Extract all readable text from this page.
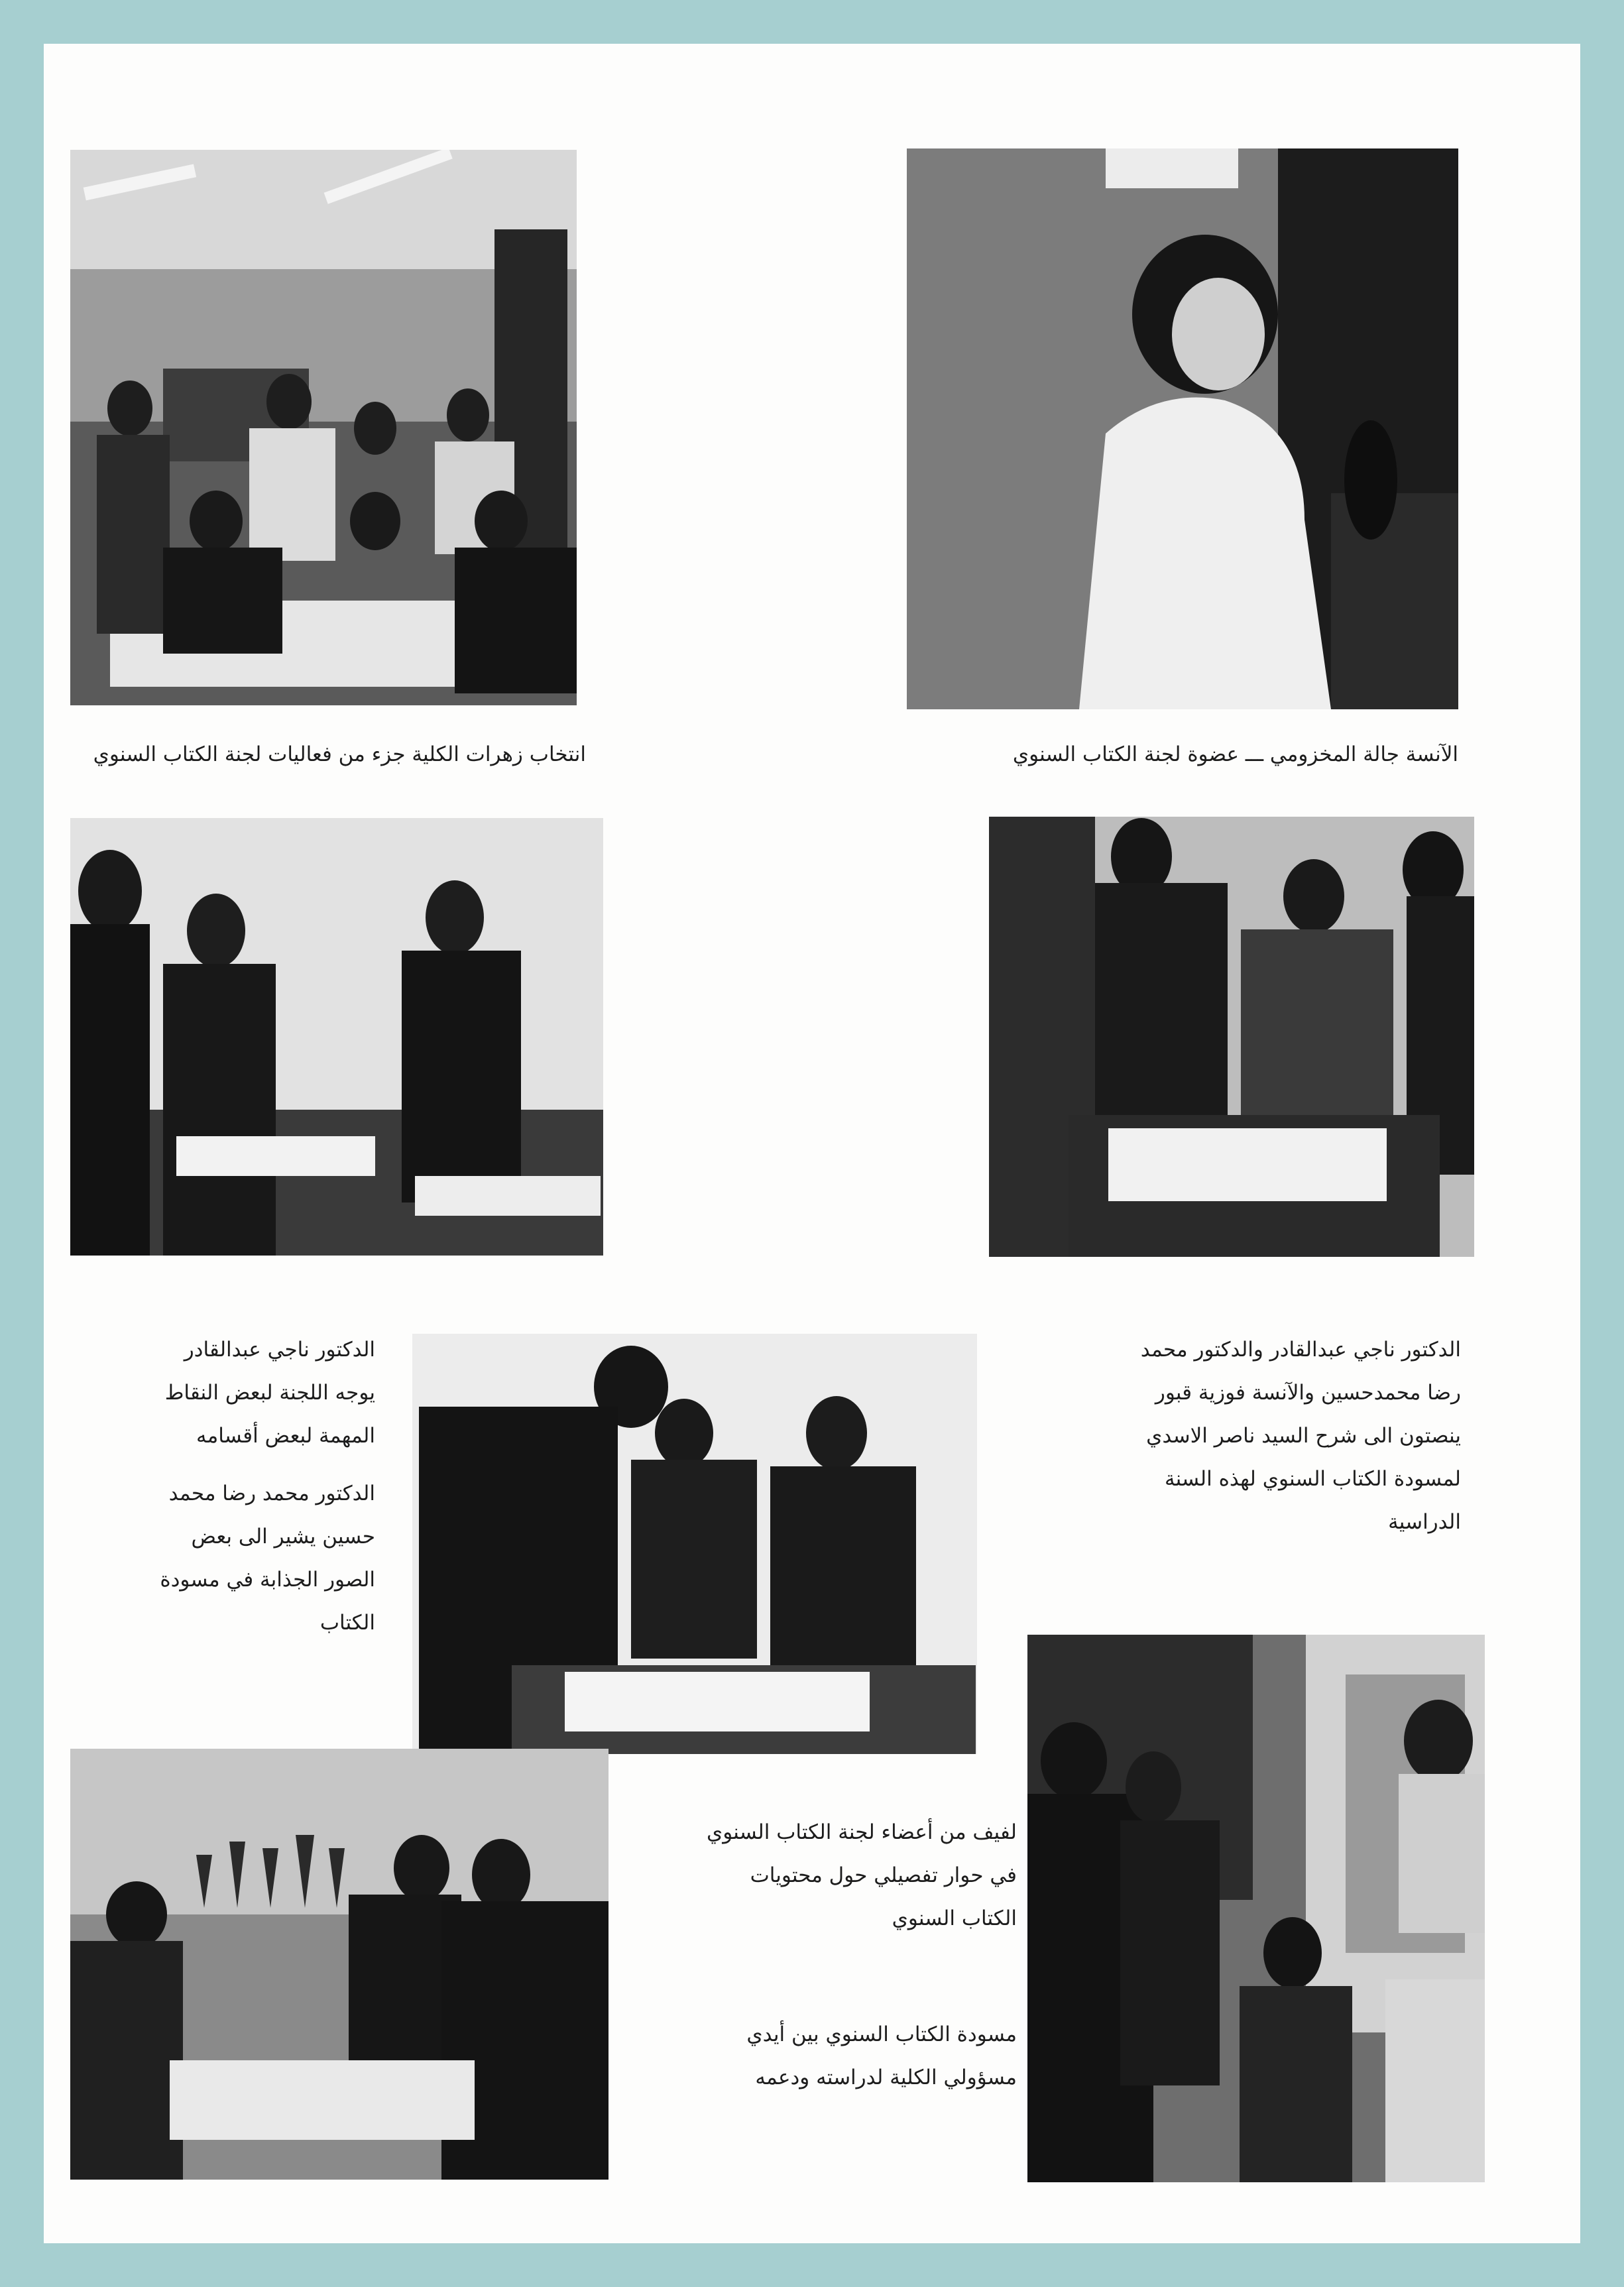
انتخاب زهرات الكلية جزء من فعاليات لجنة الكتاب السنوي	الآنسة جالة المخزومي ـــ عضوة لجنة الكتاب السنوي

الدكتور ناجي عبدالقادر والدكتور محمد رضا محمدحسين والآنسة فوزية قبور ينصتون الى شرح السيد ناصر الاسدي لمسودة الكتاب السنوي لهذه السنة الدراسية

الدكتور ناجي عبدالقادر يوجه اللجنة لبعض النقاط المهمة لبعض أقسامه

الدكتور محمد رضا محمد حسين يشير الى بعض الصور الجذابة في مسودة الكتاب

لفيف من أعضاء لجنة الكتاب السنوي في حوار تفصيلي حول محتويات الكتاب السنوي

مسودة الكتاب السنوي بين أيدي مسؤولي الكلية لدراسته ودعمه
